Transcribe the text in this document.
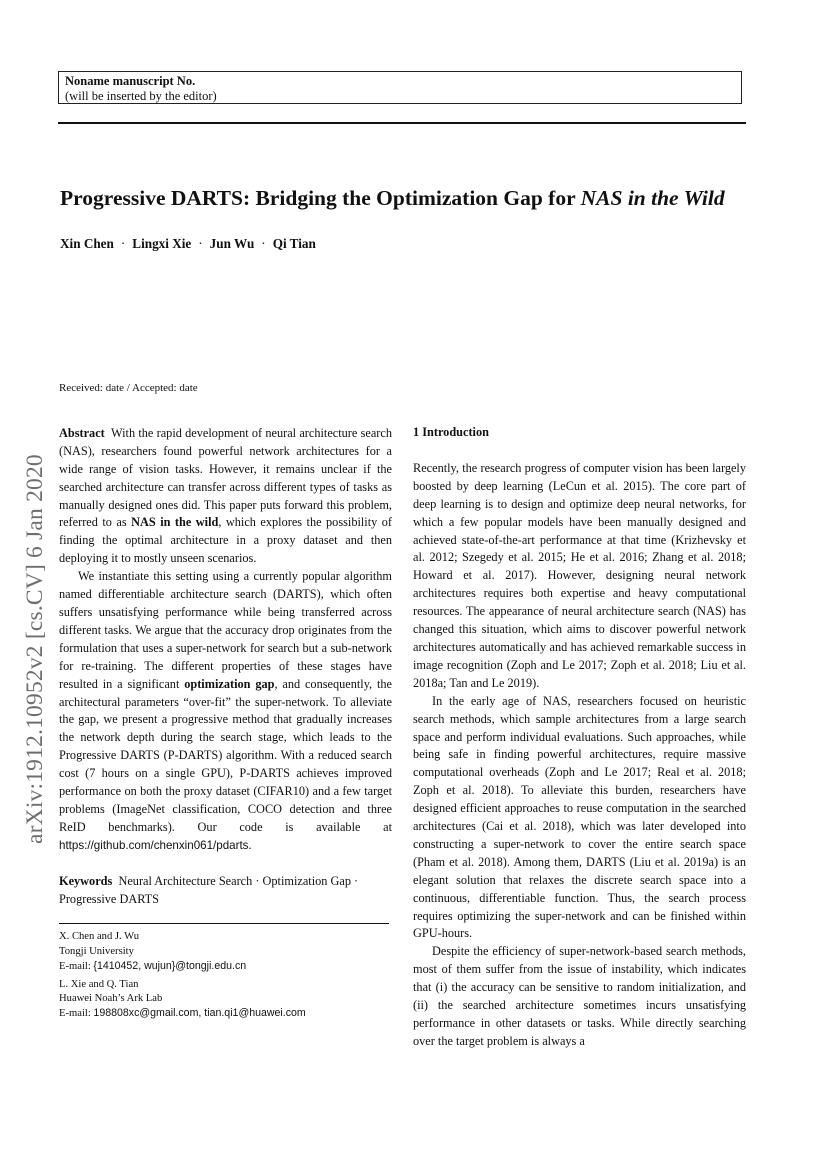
Noname manuscript No.
(will be inserted by the editor)
Progressive DARTS: Bridging the Optimization Gap for NAS in the Wild
Xin Chen · Lingxi Xie · Jun Wu · Qi Tian
arXiv:1912.10952v2 [cs.CV] 6 Jan 2020

Received: date / Accepted: date

Abstract With the rapid development of neural architecture search (NAS), researchers found powerful network architectures for a wide range of vision tasks. However, it remains unclear if the searched architecture can transfer across different types of tasks as manually designed ones did. This paper puts forward this problem, referred to as NAS in the wild, which explores the possibility of finding the optimal architecture in a proxy dataset and then deploying it to mostly unseen scenarios.

We instantiate this setting using a currently popular algorithm named differentiable architecture search (DARTS), which often suffers unsatisfying performance while being transferred across different tasks. We argue that the accuracy drop originates from the formulation that uses a super-network for search but a sub-network for re-training. The different properties of these stages have resulted in a significant optimization gap, and consequently, the architectural parameters “over-fit” the super-network. To alleviate the gap, we present a progressive method that gradually increases the network depth during the search stage, which leads to the Progressive DARTS (P-DARTS) algorithm. With a reduced search cost (7 hours on a single GPU), P-DARTS achieves improved performance on both the proxy dataset (CIFAR10) and a few target problems (ImageNet classification, COCO detection and three ReID benchmarks). Our code is available at https://github.com/chenxin061/pdarts.

Keywords Neural Architecture Search · Optimization Gap · Progressive DARTS

X. Chen and J. Wu
Tongji University
E-mail: {1410452, wujun}@tongji.edu.cn
L. Xie and Q. Tian
Huawei Noah’s Ark Lab
E-mail: 198808xc@gmail.com, tian.qi1@huawei.com

1 Introduction

Recently, the research progress of computer vision has been largely boosted by deep learning (LeCun et al. 2015). The core part of deep learning is to design and optimize deep neural networks, for which a few popular models have been manually designed and achieved state-of-the-art performance at that time (Krizhevsky et al. 2012; Szegedy et al. 2015; He et al. 2016; Zhang et al. 2018; Howard et al. 2017). However, designing neural network architectures requires both expertise and heavy computational resources. The appearance of neural architecture search (NAS) has changed this situation, which aims to discover powerful network architectures automatically and has achieved remarkable success in image recognition (Zoph and Le 2017; Zoph et al. 2018; Liu et al. 2018a; Tan and Le 2019).

In the early age of NAS, researchers focused on heuristic search methods, which sample architectures from a large search space and perform individual evaluations. Such approaches, while being safe in finding powerful architectures, require massive computational overheads (Zoph and Le 2017; Real et al. 2018; Zoph et al. 2018). To alleviate this burden, researchers have designed efficient approaches to reuse computation in the searched architectures (Cai et al. 2018), which was later developed into constructing a super-network to cover the entire search space (Pham et al. 2018). Among them, DARTS (Liu et al. 2019a) is an elegant solution that relaxes the discrete search space into a continuous, differentiable function. Thus, the search process requires optimizing the super-network and can be finished within GPU-hours.

Despite the efficiency of super-network-based search methods, most of them suffer from the issue of instability, which indicates that (i) the accuracy can be sensitive to random initialization, and (ii) the searched architecture sometimes incurs unsatisfying performance in other datasets or tasks. While directly searching over the target problem is always a
